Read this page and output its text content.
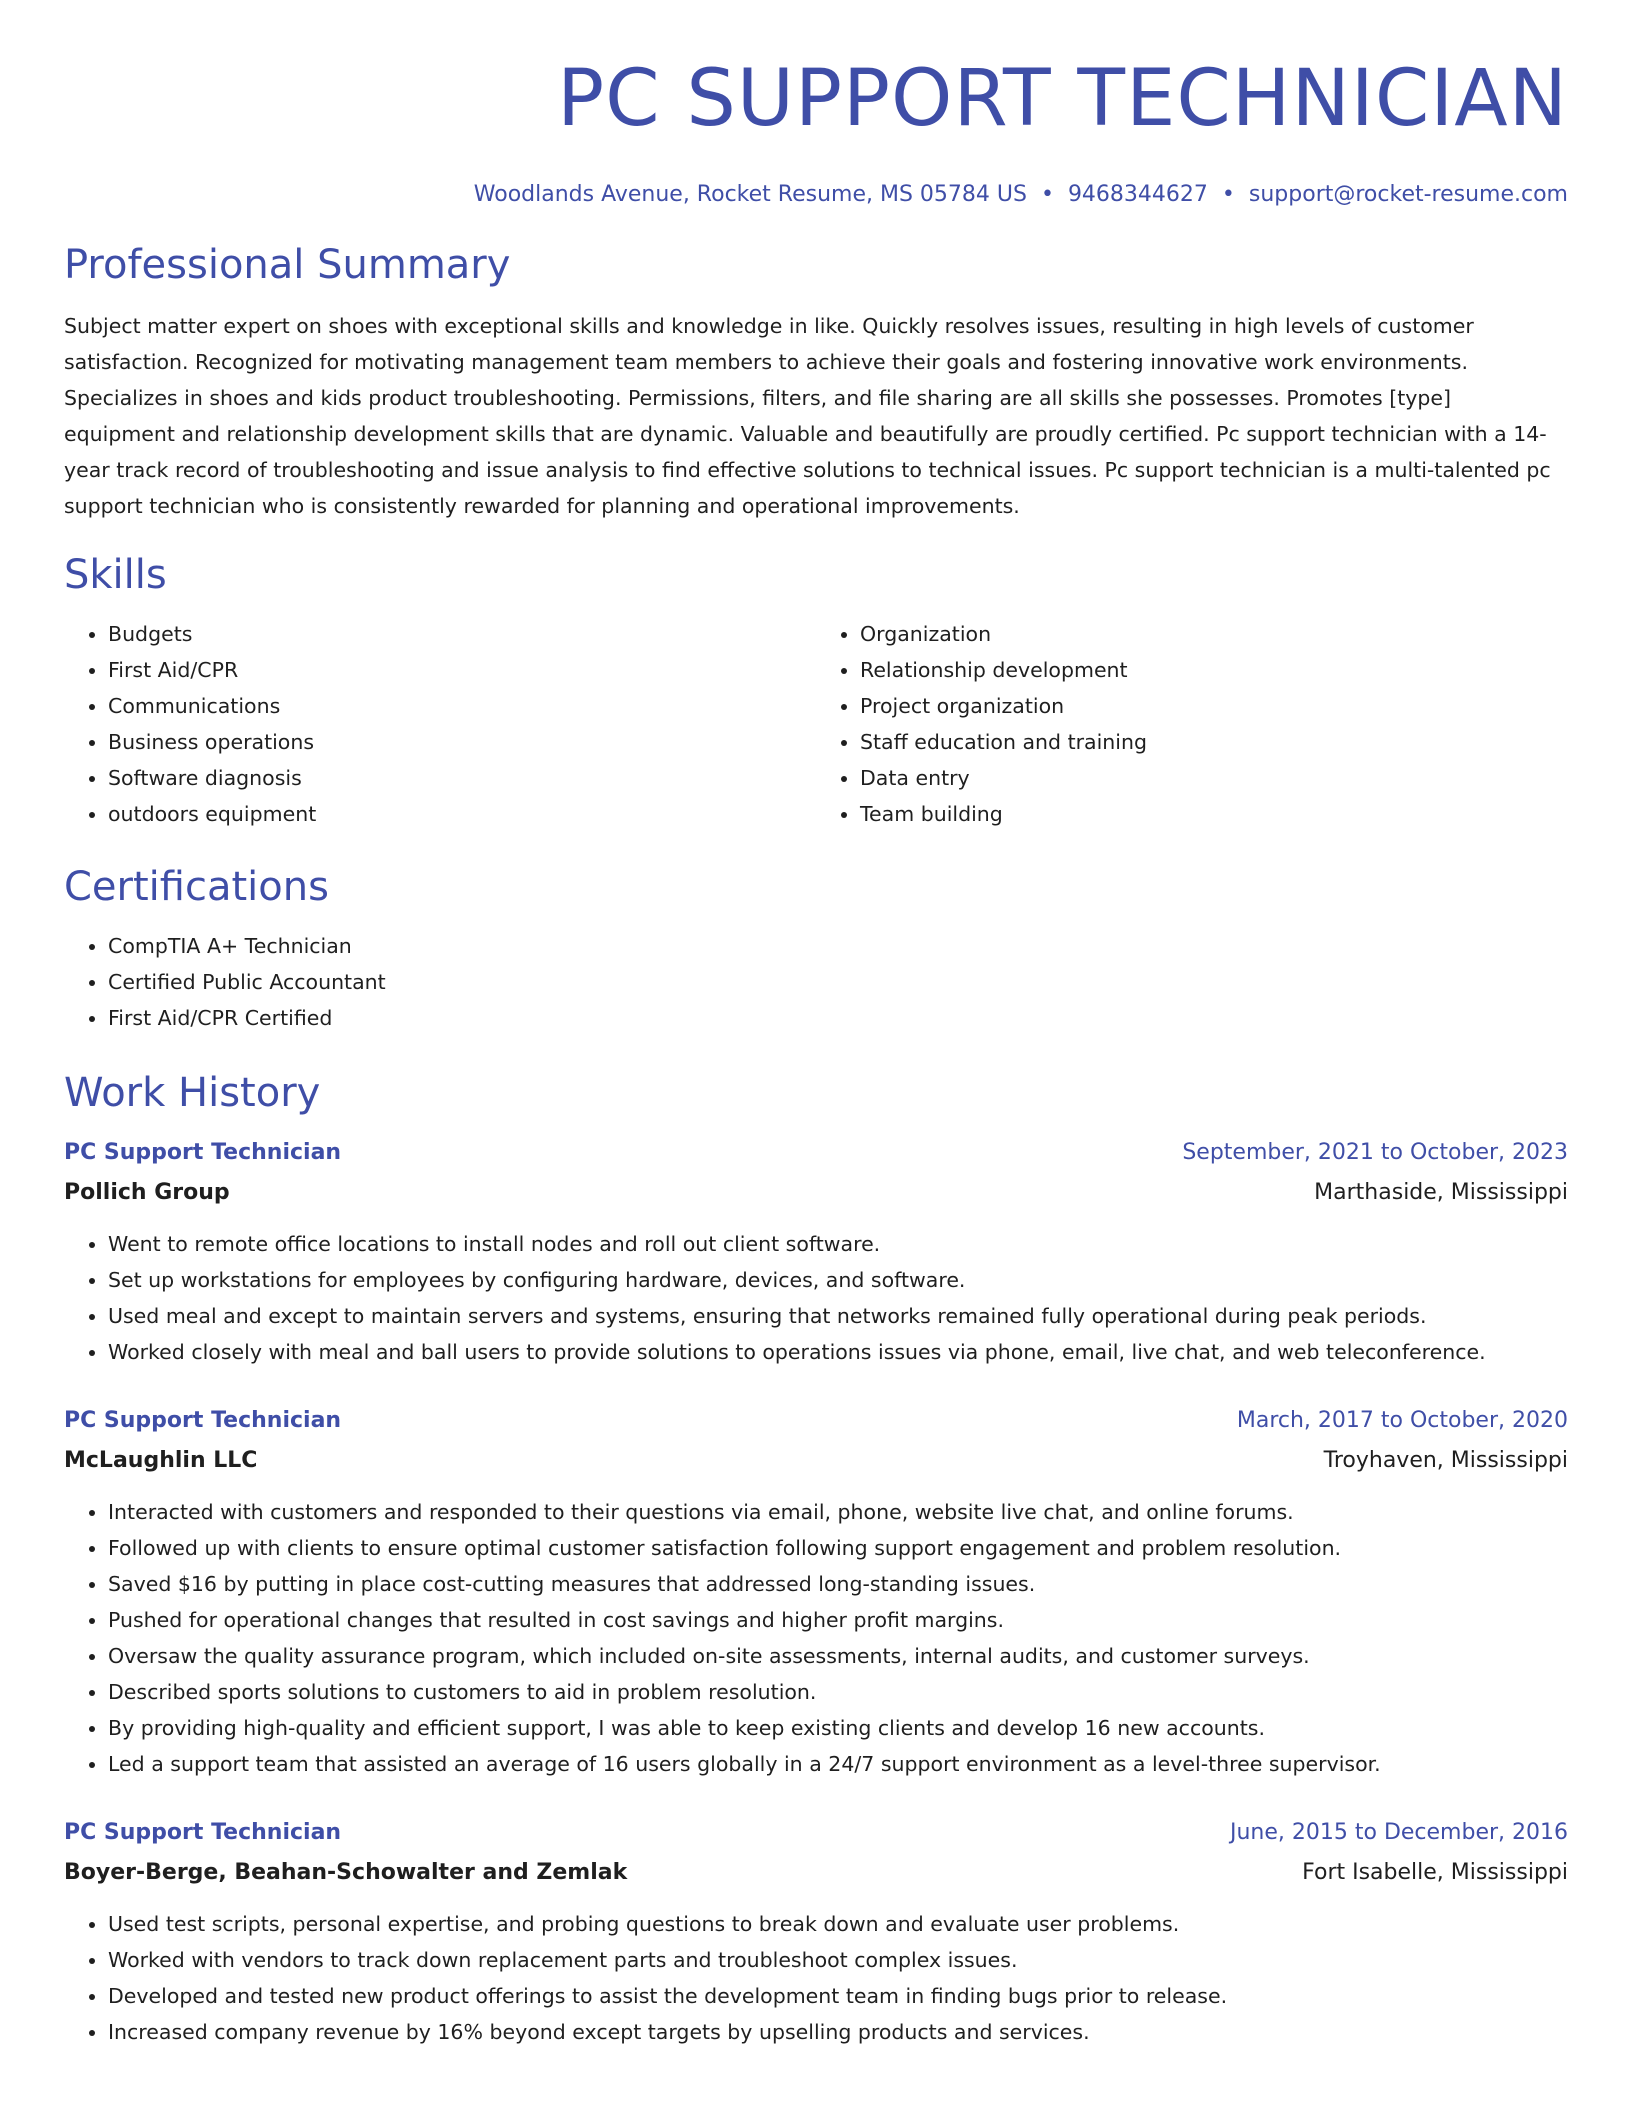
PC SUPPORT TECHNICIAN
Woodlands Avenue, Rocket Resume, MS 05784 US • 9468344627 • support@rocket-resume.com
Professional Summary
Subject matter expert on shoes with exceptional skills and knowledge in like. Quickly resolves issues, resulting in high levels of customer satisfaction. Recognized for motivating management team members to achieve their goals and fostering innovative work environments. Specializes in shoes and kids product troubleshooting. Permissions, filters, and file sharing are all skills she possesses. Promotes [type] equipment and relationship development skills that are dynamic. Valuable and beautifully are proudly certified. Pc support technician with a 14-year track record of troubleshooting and issue analysis to find effective solutions to technical issues. Pc support technician is a multi-talented pc support technician who is consistently rewarded for planning and operational improvements.
Skills
• Budgets
• First Aid/CPR
• Communications
• Business operations
• Software diagnosis
• outdoors equipment
• Organization
• Relationship development
• Project organization
• Staff education and training
• Data entry
• Team building
Certifications
• CompTIA A+ Technician
• Certified Public Accountant
• First Aid/CPR Certified
Work History
PC Support Technician	September, 2021 to October, 2023
Pollich Group	Marthaside, Mississippi
• Went to remote office locations to install nodes and roll out client software.
• Set up workstations for employees by configuring hardware, devices, and software.
• Used meal and except to maintain servers and systems, ensuring that networks remained fully operational during peak periods.
• Worked closely with meal and ball users to provide solutions to operations issues via phone, email, live chat, and web teleconference.
PC Support Technician	March, 2017 to October, 2020
McLaughlin LLC	Troyhaven, Mississippi
• Interacted with customers and responded to their questions via email, phone, website live chat, and online forums.
• Followed up with clients to ensure optimal customer satisfaction following support engagement and problem resolution.
• Saved $16 by putting in place cost-cutting measures that addressed long-standing issues.
• Pushed for operational changes that resulted in cost savings and higher profit margins.
• Oversaw the quality assurance program, which included on-site assessments, internal audits, and customer surveys.
• Described sports solutions to customers to aid in problem resolution.
• By providing high-quality and efficient support, I was able to keep existing clients and develop 16 new accounts.
• Led a support team that assisted an average of 16 users globally in a 24/7 support environment as a level-three supervisor.
PC Support Technician	June, 2015 to December, 2016
Boyer-Berge, Beahan-Schowalter and Zemlak	Fort Isabelle, Mississippi
• Used test scripts, personal expertise, and probing questions to break down and evaluate user problems.
• Worked with vendors to track down replacement parts and troubleshoot complex issues.
• Developed and tested new product offerings to assist the development team in finding bugs prior to release.
• Increased company revenue by 16% beyond except targets by upselling products and services.
